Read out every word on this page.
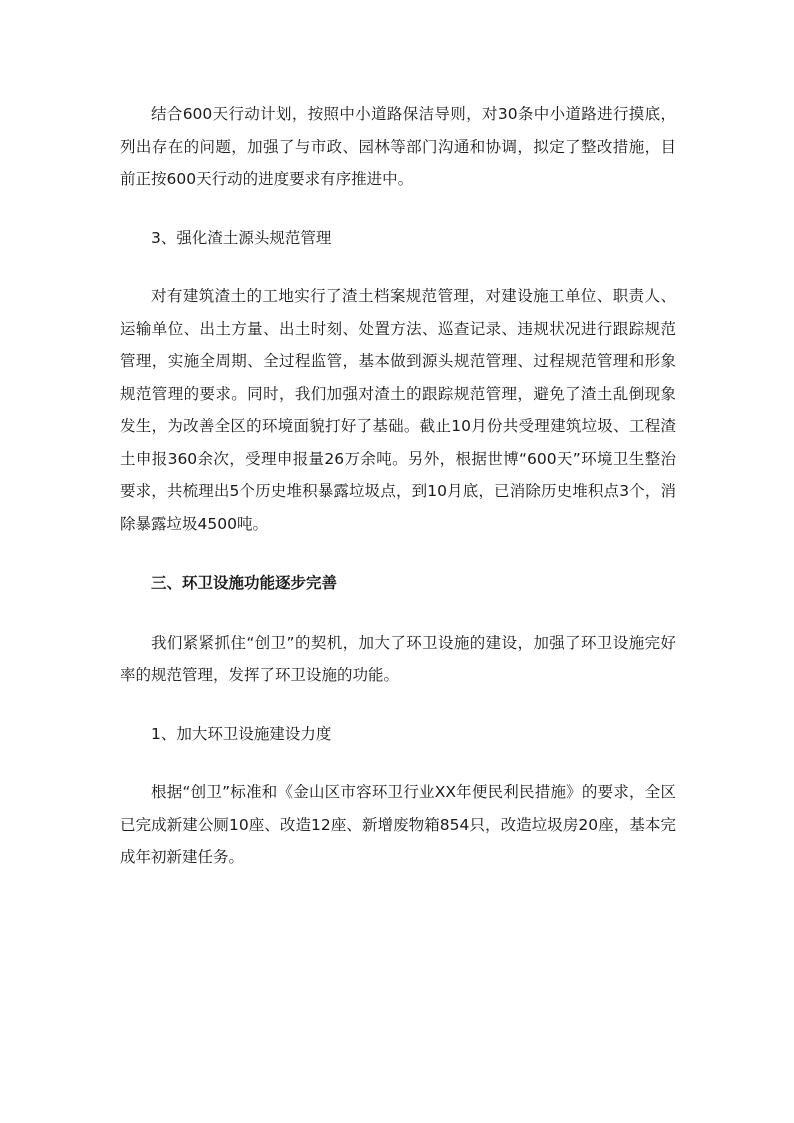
结合600天行动计划，按照中小道路保洁导则，对30条中小道路进行摸底，列出存在的问题，加强了与市政、园林等部门沟通和协调，拟定了整改措施，目前正按600天行动的进度要求有序推进中。

3、强化渣土源头规范管理

对有建筑渣土的工地实行了渣土档案规范管理，对建设施工单位、职责人、运输单位、出土方量、出土时刻、处置方法、巡查记录、违规状况进行跟踪规范管理，实施全周期、全过程监管，基本做到源头规范管理、过程规范管理和形象规范管理的要求。同时，我们加强对渣土的跟踪规范管理，避免了渣土乱倒现象发生，为改善全区的环境面貌打好了基础。截止10月份共受理建筑垃圾、工程渣土申报360余次，受理申报量26万余吨。另外，根据世博“600天”环境卫生整治要求，共梳理出5个历史堆积暴露垃圾点，到10月底，已消除历史堆积点3个，消除暴露垃圾4500吨。

三、环卫设施功能逐步完善

我们紧紧抓住“创卫”的契机，加大了环卫设施的建设，加强了环卫设施完好率的规范管理，发挥了环卫设施的功能。

1、加大环卫设施建设力度

根据“创卫”标准和《金山区市容环卫行业XX年便民利民措施》的要求，全区已完成新建公厕10座、改造12座、新增废物箱854只，改造垃圾房20座，基本完成年初新建任务。
